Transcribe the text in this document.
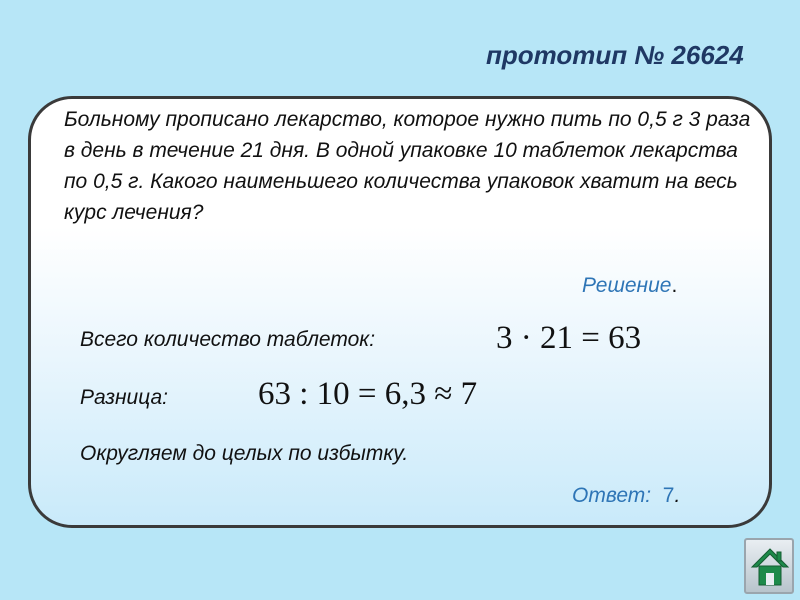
прототип № 26624
Больному прописано лекарство, которое нужно пить по 0,5 г 3 раза в день в течение 21 дня. В одной упаковке 10 таблеток лекарства по 0,5 г. Какого наименьшего количества упаковок хватит на весь курс лечения?
Решение.
Всего количество таблеток:	3 · 21 = 63
Разница:	63 : 10 = 6,3 ≈ 7
Округляем до целых по избытку.
Ответ: 7.
